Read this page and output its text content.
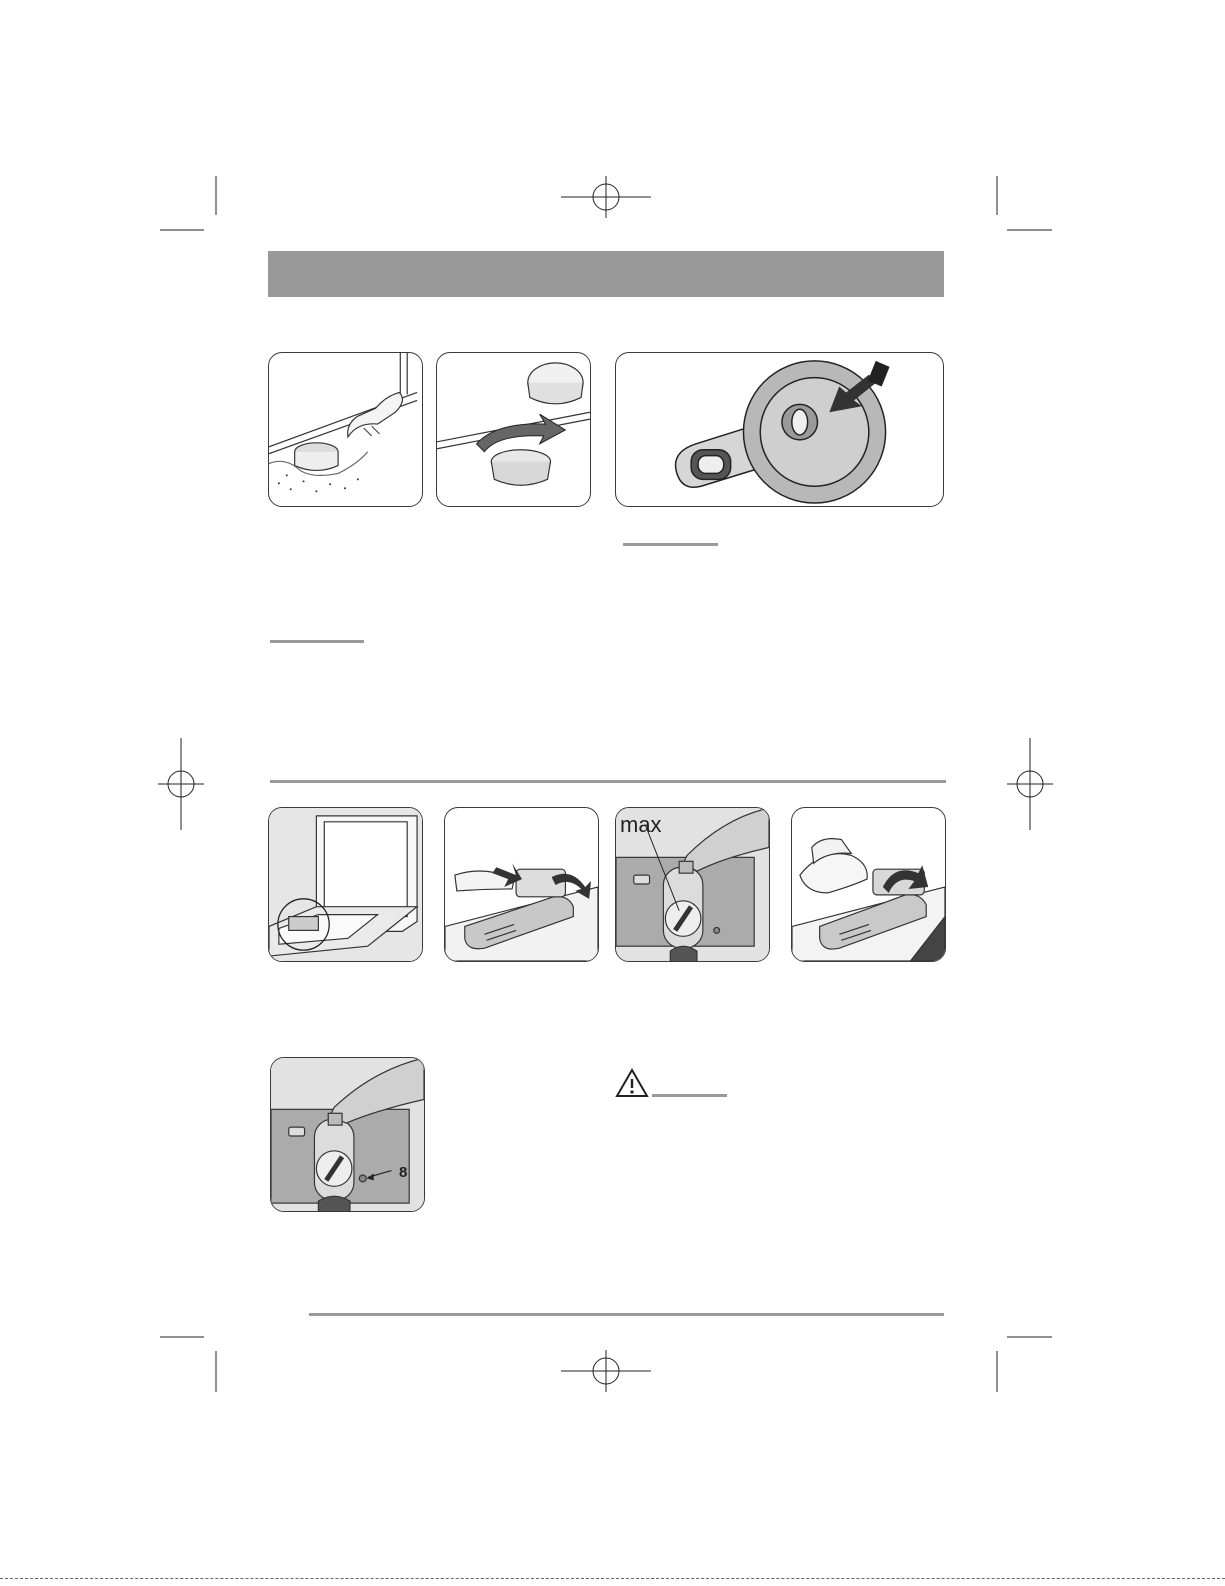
max
8
